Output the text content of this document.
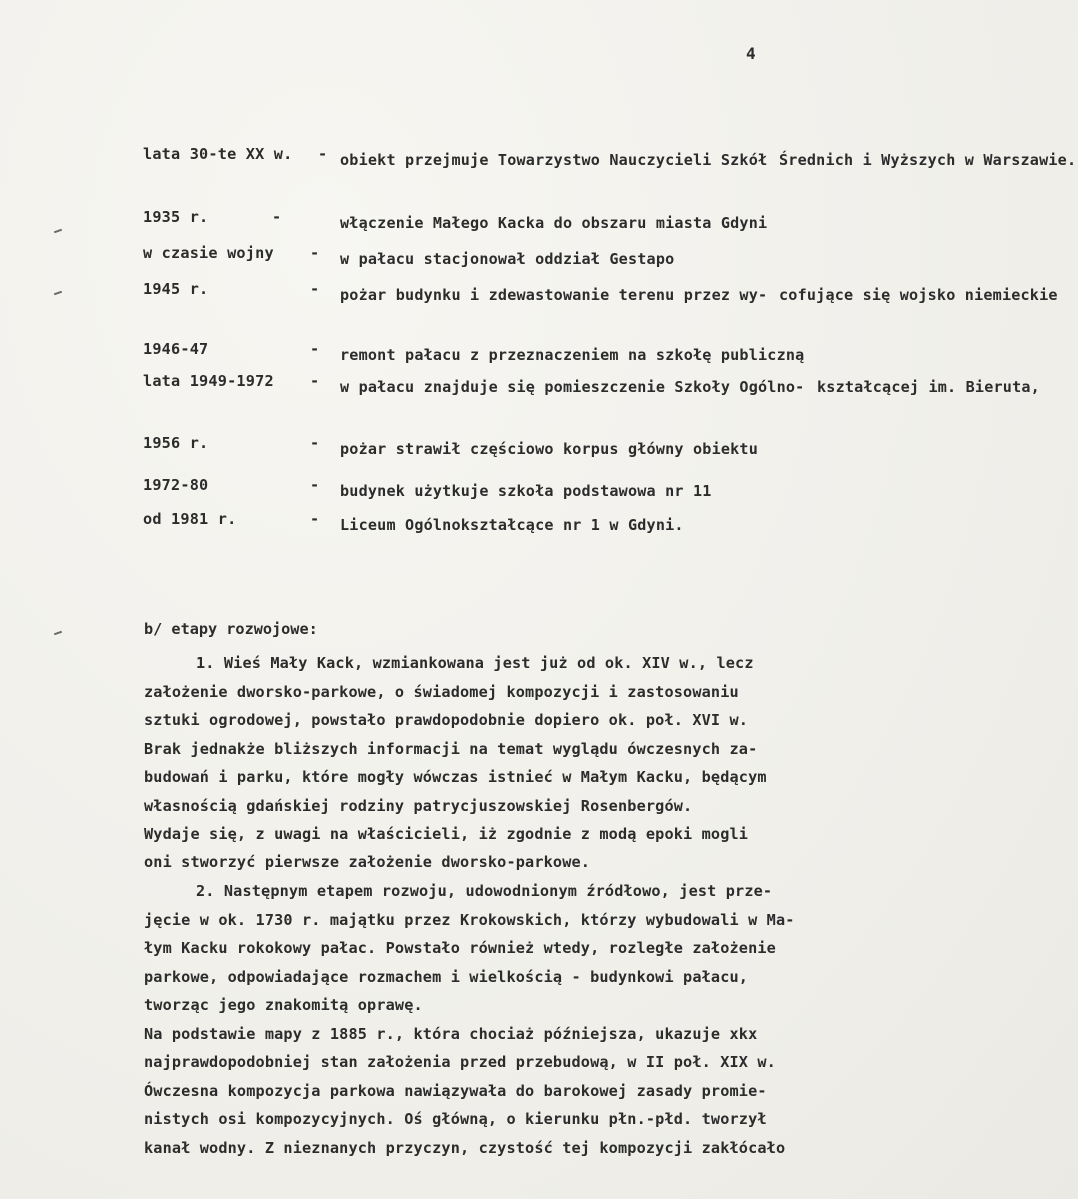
4
lata 30-te XX w. - obiekt przejmuje Towarzystwo Nauczycieli Szkół Średnich i Wyższych w Warszawie.
1935 r.	-	włączenie Małego Kacka do obszaru miasta Gdyni
w czasie wojny - w pałacu stacjonował oddział Gestapo
1945 r.	- pożar budynku i zdewastowanie terenu przez wy- cofujące się wojsko niemieckie
1946-47	- remont pałacu z przeznaczeniem na szkołę publiczną
lata 1949-1972 - w pałacu znajduje się pomieszczenie Szkoły Ogólno- kształcącej im. Bieruta,
1956 r.	- pożar strawił częściowo korpus główny obiektu
1972-80	- budynek użytkuje szkoła podstawowa nr 11
od 1981 r.	- Liceum Ogólnokształcące nr 1 w Gdyni.
b/ etapy rozwojowe:
1. Wieś Mały Kack, wzmiankowana jest już od ok. XIV w., lecz
założenie dworsko-parkowe, o świadomej kompozycji i zastosowaniu
sztuki ogrodowej, powstało prawdopodobnie dopiero ok. poł. XVI w.
Brak jednakże bliższych informacji na temat wyglądu ówczesnych za-
budowań i parku, które mogły wówczas istnieć w Małym Kacku, będącym
własnością gdańskiej rodziny patrycjuszowskiej Rosenbergów.
Wydaje się, z uwagi na właścicieli, iż zgodnie z modą epoki mogli
oni stworzyć pierwsze założenie dworsko-parkowe.
2. Następnym etapem rozwoju, udowodnionym źródłowo, jest prze-
jęcie w ok. 1730 r. majątku przez Krokowskich, którzy wybudowali w Ma-
łym Kacku rokokowy pałac. Powstało również wtedy, rozległe założenie
parkowe, odpowiadające rozmachem i wielkością - budynkowi pałacu,
tworząc jego znakomitą oprawę.
Na podstawie mapy z 1885 r., która chociaż późniejsza, ukazuje xkx
najprawdopodobniej stan założenia przed przebudową, w II poł. XIX w.
Ówczesna kompozycja parkowa nawiązywała do barokowej zasady promie-
nistych osi kompozycyjnych. Oś główną, o kierunku płn.-płd. tworzył
kanał wodny. Z nieznanych przyczyn, czystość tej kompozycji zakłócało
